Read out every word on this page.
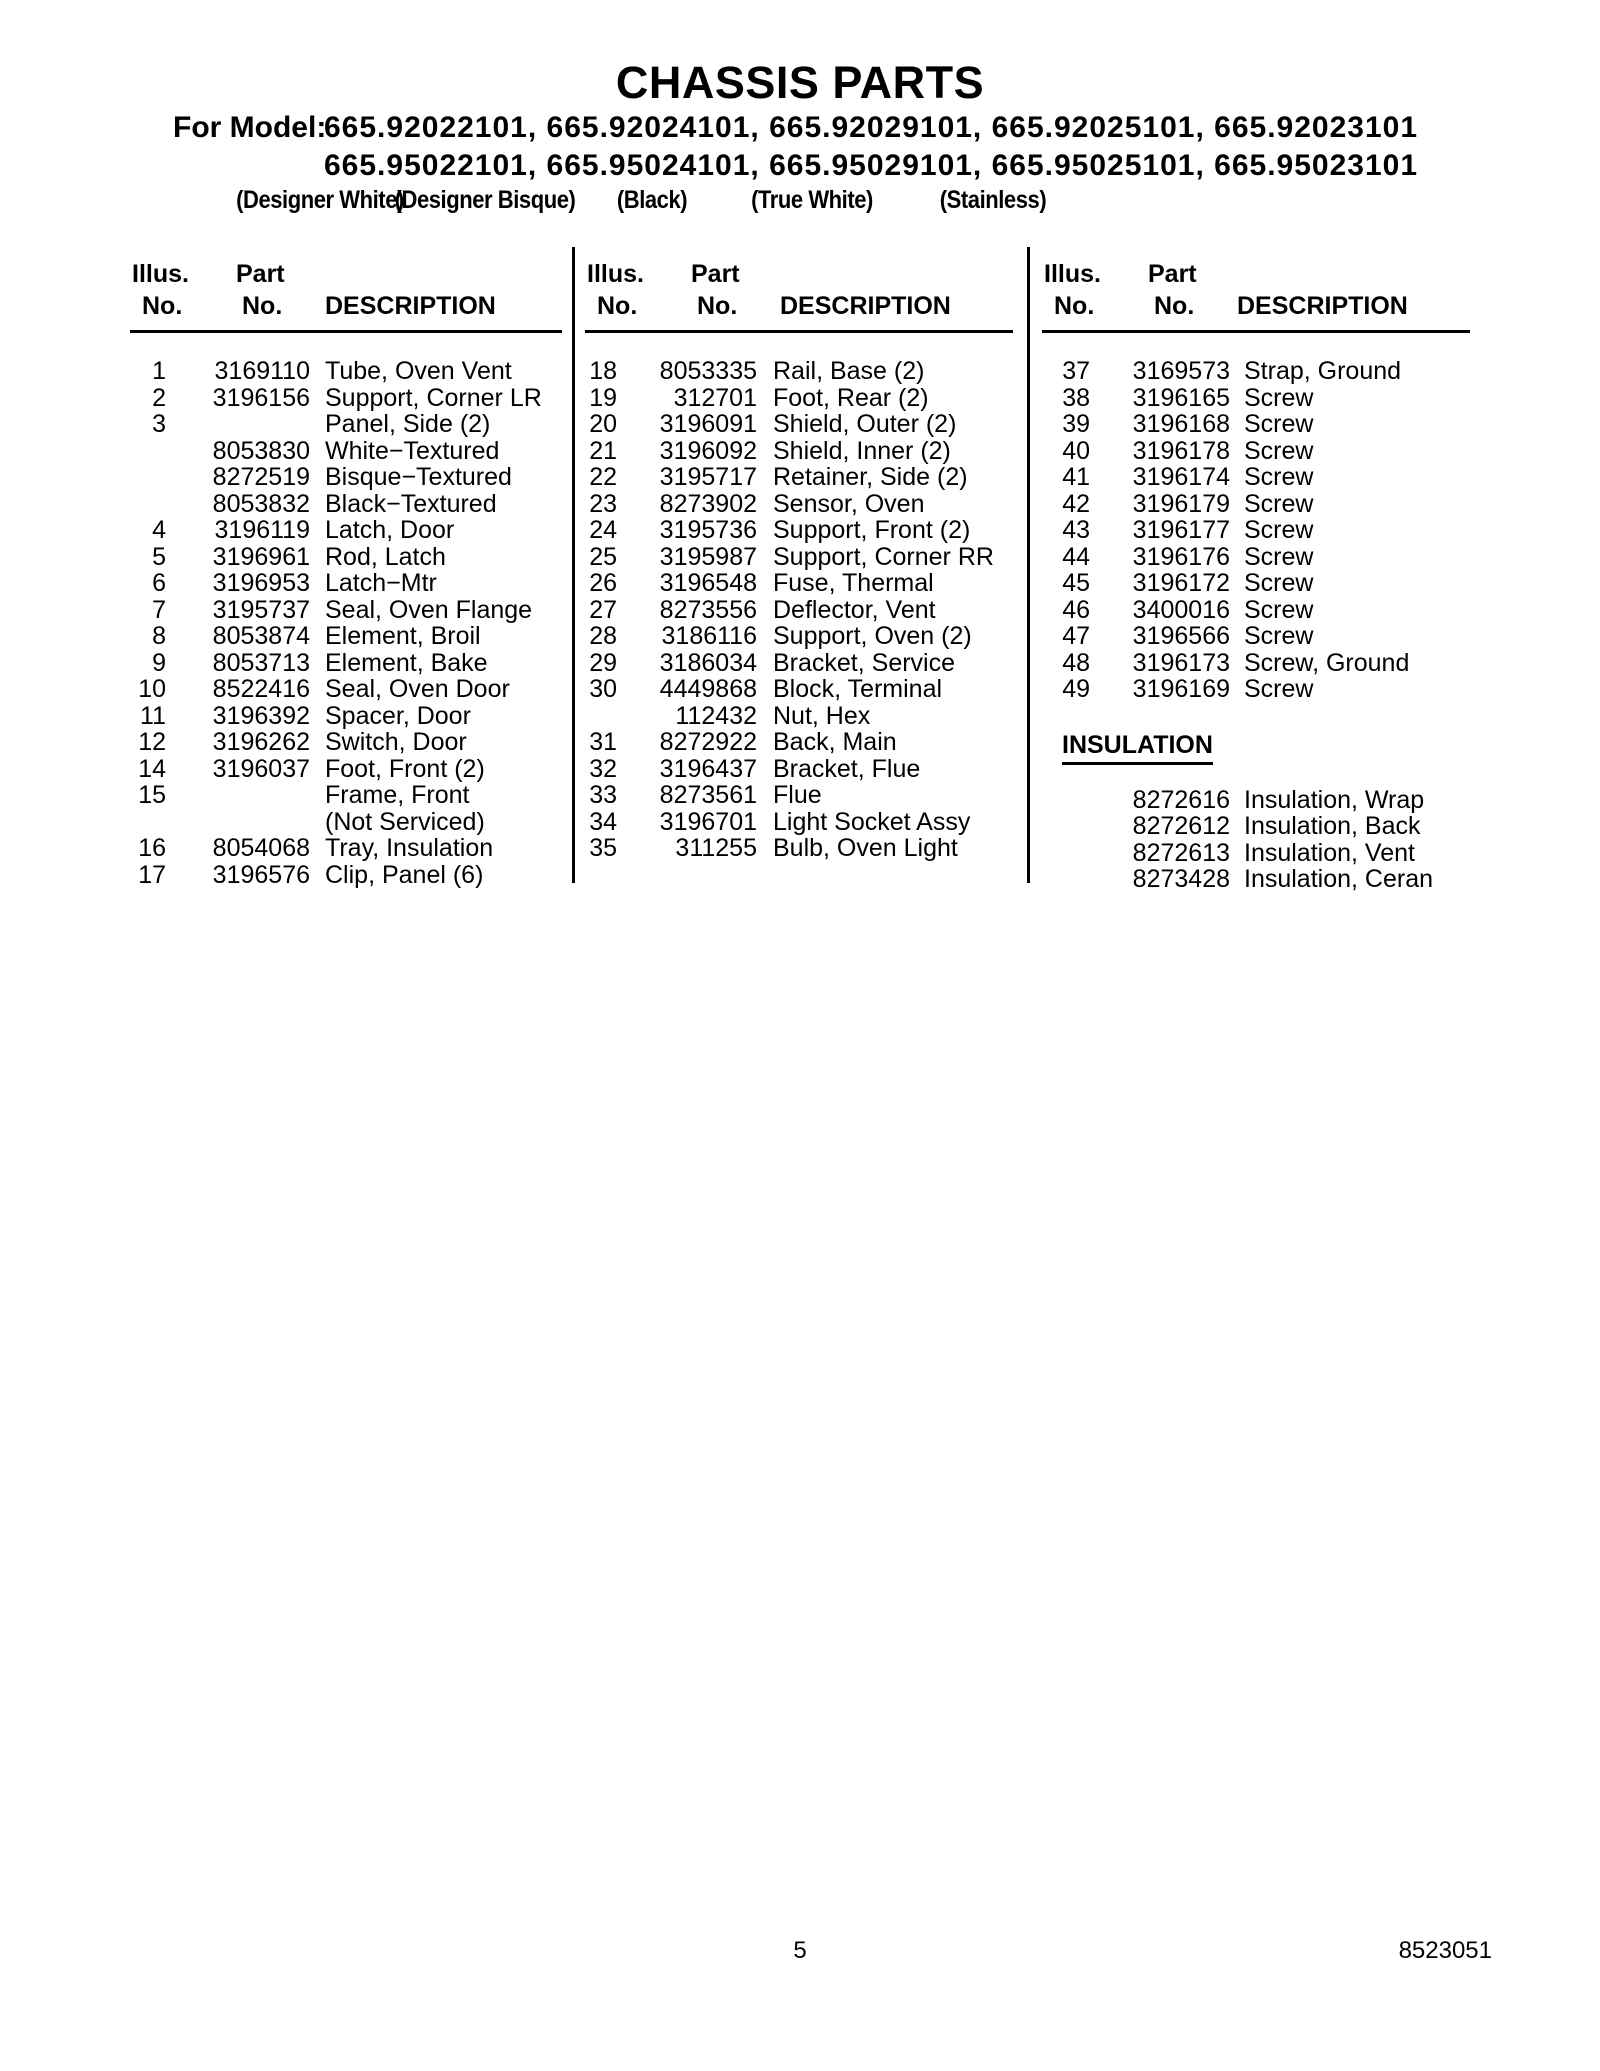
CHASSIS PARTS
For Model:
665.92022101, 665.92024101, 665.92029101, 665.92025101, 665.92023101
665.95022101, 665.95024101, 665.95029101, 665.95025101, 665.95023101
(Designer White)
(Designer Bisque) (Black)	(True White)	(Stainless)
Illus. Part
No. No. DESCRIPTION
1	3169110 Tube, Oven Vent
2	3196156 Support, Corner LR
3	Panel, Side (2)
8053830 White−Textured
8272519 Bisque−Textured
8053832 Black−Textured
4	3196119 Latch, Door
5	3196961 Rod, Latch
6	3196953 Latch−Mtr
7	3195737 Seal, Oven Flange
8	8053874 Element, Broil
9	8053713 Element, Bake
10	8522416 Seal, Oven Door
11	3196392 Spacer, Door
12	3196262 Switch, Door
14	3196037 Foot, Front (2)
15	Frame, Front
(Not Serviced)
16	8054068 Tray, Insulation
17	3196576 Clip, Panel (6)
Illus. Part
No. No. DESCRIPTION
18	8053335 Rail, Base (2)
19	312701 Foot, Rear (2)
20	3196091 Shield, Outer (2)
21	3196092 Shield, Inner (2)
22	3195717 Retainer, Side (2)
23	8273902 Sensor, Oven
24	3195736 Support, Front (2)
25	3195987 Support, Corner RR
26	3196548 Fuse, Thermal
27	8273556 Deflector, Vent
28	3186116 Support, Oven (2)
29	3186034 Bracket, Service
30	4449868 Block, Terminal
112432 Nut, Hex
31	8272922 Back, Main
32	3196437 Bracket, Flue
33	8273561 Flue
34	3196701 Light Socket Assy
35	311255 Bulb, Oven Light
Illus. Part
No. No. DESCRIPTION
37	3169573 Strap, Ground
38	3196165 Screw
39	3196168 Screw
40	3196178 Screw
41	3196174 Screw
42	3196179 Screw
43	3196177 Screw
44	3196176 Screw
45	3196172 Screw
46	3400016 Screw
47	3196566 Screw
48	3196173 Screw, Ground
49	3196169 Screw
INSULATION
8272616 Insulation, Wrap
8272612 Insulation, Back
8272613 Insulation, Vent
8273428 Insulation, Ceran
5	8523051
